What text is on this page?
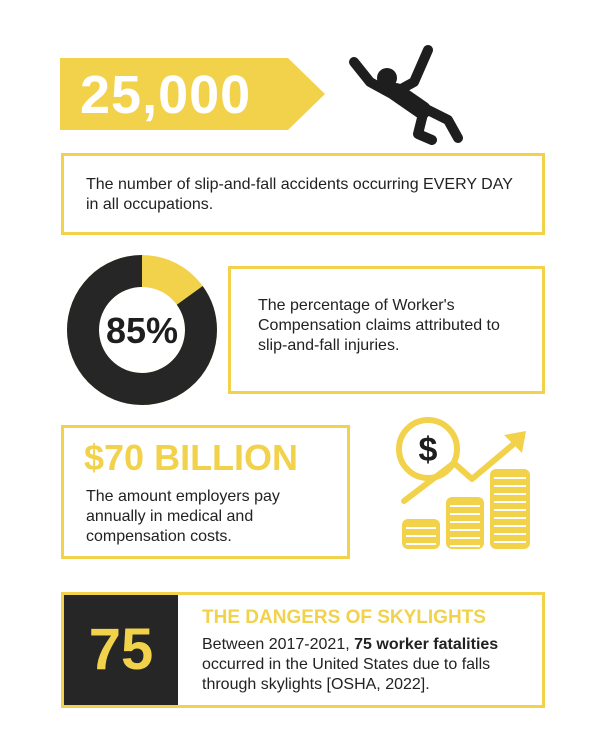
25,000
The number of slip-and-fall accidents occurring EVERY DAY in all occupations.
85%
The percentage of Worker's Compensation claims attributed to slip-and-fall injuries.
$70 BILLION
The amount employers pay annually in medical and compensation costs.
$
75	THE DANGERS OF SKYLIGHTS
Between 2017-2021, 75 worker fatalities occurred in the United States due to falls through skylights [OSHA, 2022].
